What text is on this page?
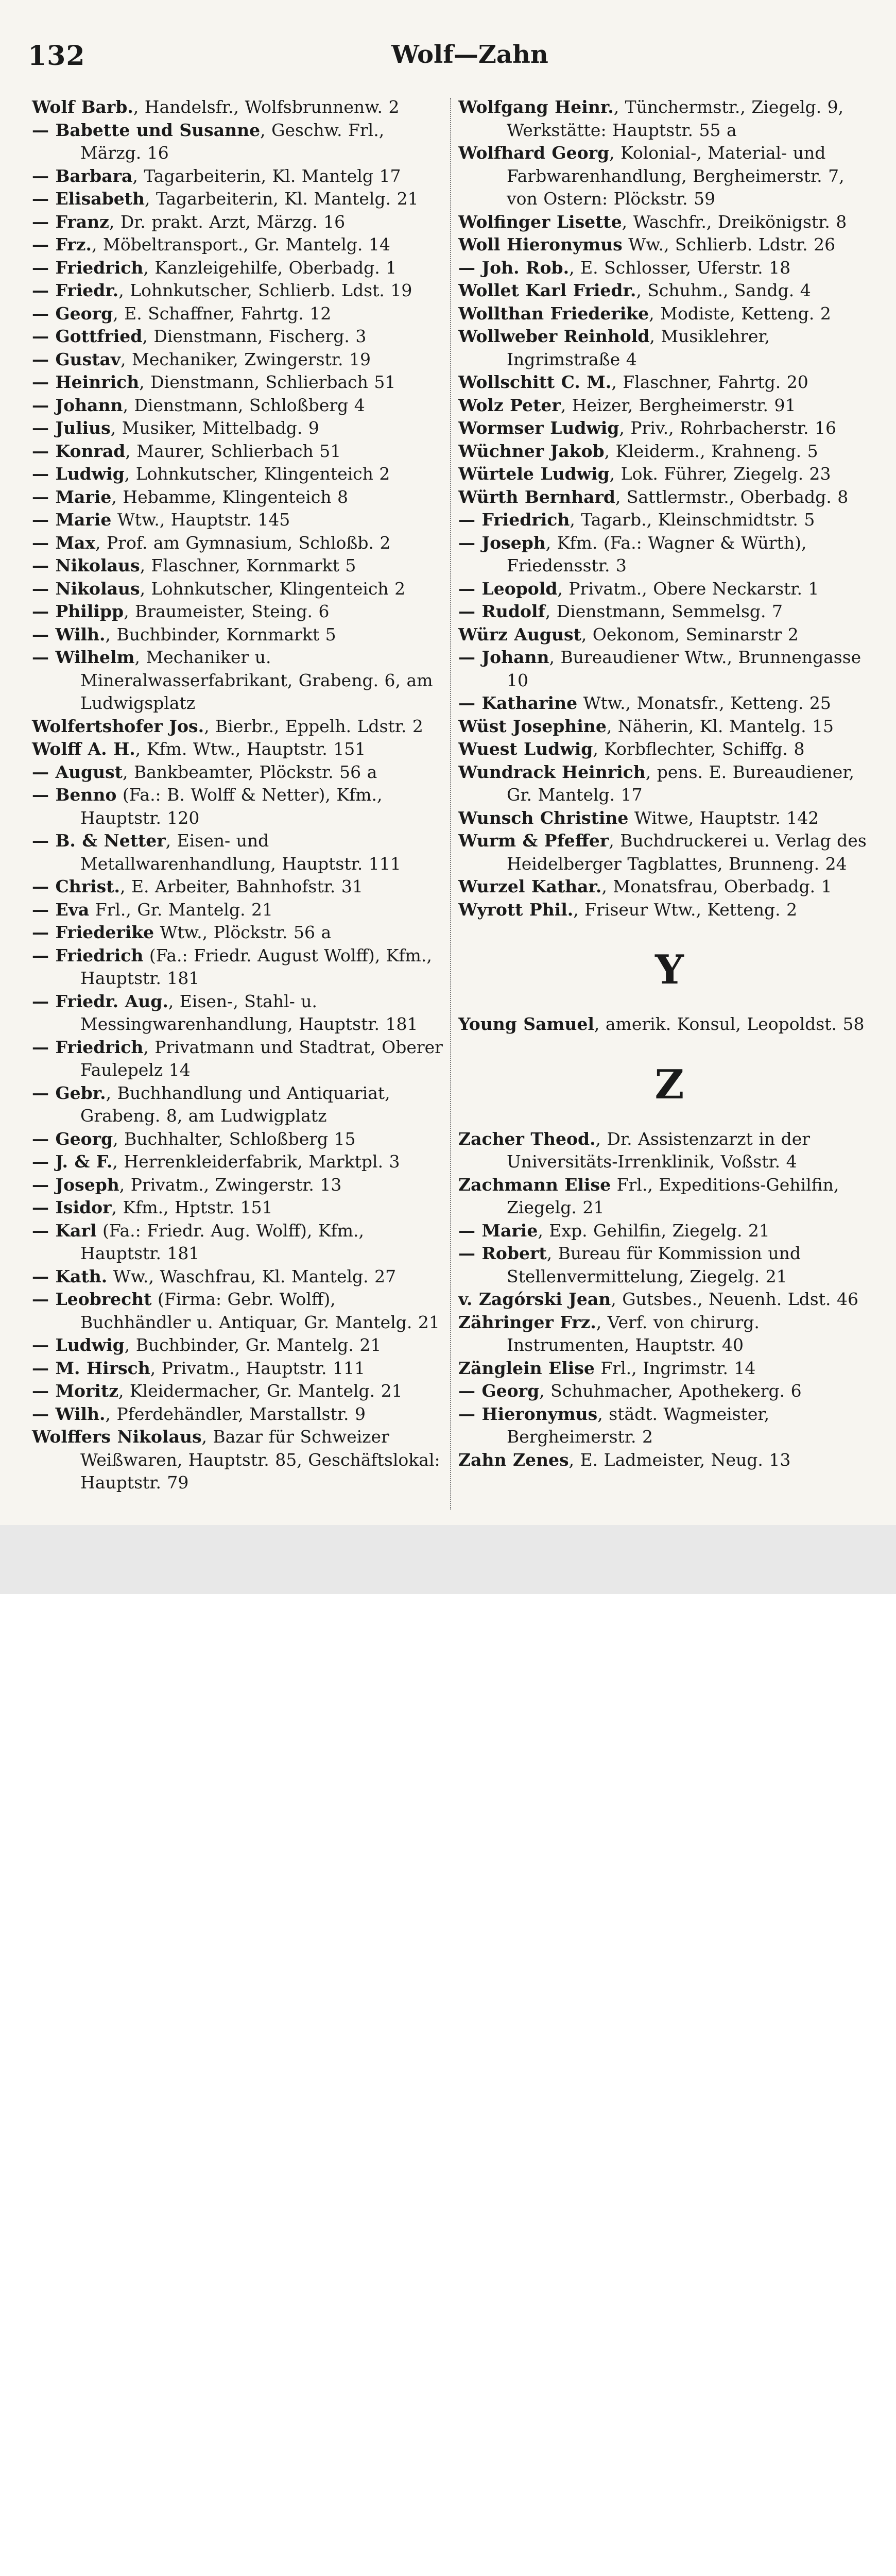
132	Wolf—Zahn
Wolf Barb., Handelsfr., Wolfsbrunnenw. 2
— Babette und Susanne, Geschw. Frl., Märzg. 16
— Barbara, Tagarbeiterin, Kl. Mantelg 17
— Elisabeth, Tagarbeiterin, Kl. Mantelg. 21
— Franz, Dr. prakt. Arzt, Märzg. 16
— Frz., Möbeltransport., Gr. Mantelg. 14
— Friedrich, Kanzleigehilfe, Oberbadg. 1
— Friedr., Lohnkutscher, Schlierb. Ldst. 19
— Georg, E. Schaffner, Fahrtg. 12
— Gottfried, Dienstmann, Fischerg. 3
— Gustav, Mechaniker, Zwingerstr. 19
— Heinrich, Dienstmann, Schlierbach 51
— Johann, Dienstmann, Schloßberg 4
— Julius, Musiker, Mittelbadg. 9
— Konrad, Maurer, Schlierbach 51
— Ludwig, Lohnkutscher, Klingenteich 2
— Marie, Hebamme, Klingenteich 8
— Marie Wtw., Hauptstr. 145
— Max, Prof. am Gymnasium, Schloßb. 2
— Nikolaus, Flaschner, Kornmarkt 5
— Nikolaus, Lohnkutscher, Klingenteich 2
— Philipp, Braumeister, Steing. 6
— Wilh., Buchbinder, Kornmarkt 5
— Wilhelm, Mechaniker u. Mineralwasserfabrikant, Grabeng. 6, am Ludwigsplatz
Wolfertshofer Jos., Bierbr., Eppelh. Ldstr. 2
Wolff A. H., Kfm. Wtw., Hauptstr. 151
— August, Bankbeamter, Plöckstr. 56 a
— Benno (Fa.: B. Wolff & Netter), Kfm., Hauptstr. 120
— B. & Netter, Eisen- und Metallwarenhandlung, Hauptstr. 111
— Christ., E. Arbeiter, Bahnhofstr. 31
— Eva Frl., Gr. Mantelg. 21
— Friederike Wtw., Plöckstr. 56 a
— Friedrich (Fa.: Friedr. August Wolff), Kfm., Hauptstr. 181
— Friedr. Aug., Eisen-, Stahl- u. Messingwarenhandlung, Hauptstr. 181
— Friedrich, Privatmann und Stadtrat, Oberer Faulepelz 14
— Gebr., Buchhandlung und Antiquariat, Grabeng. 8, am Ludwigplatz
— Georg, Buchhalter, Schloßberg 15
— J. & F., Herrenkleiderfabrik, Marktpl. 3
— Joseph, Privatm., Zwingerstr. 13
— Isidor, Kfm., Hptstr. 151
— Karl (Fa.: Friedr. Aug. Wolff), Kfm., Hauptstr. 181
— Kath. Ww., Waschfrau, Kl. Mantelg. 27
— Leobrecht (Firma: Gebr. Wolff), Buchhändler u. Antiquar, Gr. Mantelg. 21
— Ludwig, Buchbinder, Gr. Mantelg. 21
— M. Hirsch, Privatm., Hauptstr. 111
— Moritz, Kleidermacher, Gr. Mantelg. 21
— Wilh., Pferdehändler, Marstallstr. 9
Wolffers Nikolaus, Bazar für Schweizer Weißwaren, Hauptstr. 85, Geschäftslokal: Hauptstr. 79
Wolfgang Heinr., Tünchermstr., Ziegelg. 9, Werkstätte: Hauptstr. 55 a
Wolfhard Georg, Kolonial-, Material- und Farbwarenhandlung, Bergheimerstr. 7, von Ostern: Plöckstr. 59
Wolfinger Lisette, Waschfr., Dreikönigstr. 8
Woll Hieronymus Ww., Schlierb. Ldstr. 26
— Joh. Rob., E. Schlosser, Uferstr. 18
Wollet Karl Friedr., Schuhm., Sandg. 4
Wollthan Friederike, Modiste, Ketteng. 2
Wollweber Reinhold, Musiklehrer, Ingrimstraße 4
Wollschitt C. M., Flaschner, Fahrtg. 20
Wolz Peter, Heizer, Bergheimerstr. 91
Wormser Ludwig, Priv., Rohrbacherstr. 16
Wüchner Jakob, Kleiderm., Krahneng. 5
Würtele Ludwig, Lok. Führer, Ziegelg. 23
Würth Bernhard, Sattlermstr., Oberbadg. 8
— Friedrich, Tagarb., Kleinschmidtstr. 5
— Joseph, Kfm. (Fa.: Wagner & Würth), Friedensstr. 3
— Leopold, Privatm., Obere Neckarstr. 1
— Rudolf, Dienstmann, Semmelsg. 7
Würz August, Oekonom, Seminarstr 2
— Johann, Bureaudiener Wtw., Brunnengasse 10
— Katharine Wtw., Monatsfr., Ketteng. 25
Wüst Josephine, Näherin, Kl. Mantelg. 15
Wuest Ludwig, Korbflechter, Schiffg. 8
Wundrack Heinrich, pens. E. Bureaudiener, Gr. Mantelg. 17
Wunsch Christine Witwe, Hauptstr. 142
Wurm & Pfeffer, Buchdruckerei u. Verlag des Heidelberger Tagblattes, Brunneng. 24
Wurzel Kathar., Monatsfrau, Oberbadg. 1
Wyrott Phil., Friseur Wtw., Ketteng. 2
Y
Young Samuel, amerik. Konsul, Leopoldst. 58
Z
Zacher Theod., Dr. Assistenzarzt in der Universitäts-Irrenklinik, Voßstr. 4
Zachmann Elise Frl., Expeditions-Gehilfin, Ziegelg. 21
— Marie, Exp. Gehilfin, Ziegelg. 21
— Robert, Bureau für Kommission und Stellenvermittelung, Ziegelg. 21
v. Zagórski Jean, Gutsbes., Neuenh. Ldst. 46
Zähringer Frz., Verf. von chirurg. Instrumenten, Hauptstr. 40
Zänglein Elise Frl., Ingrimstr. 14
— Georg, Schuhmacher, Apothekerg. 6
— Hieronymus, städt. Wagmeister, Bergheimerstr. 2
Zahn Zenes, E. Ladmeister, Neug. 13
